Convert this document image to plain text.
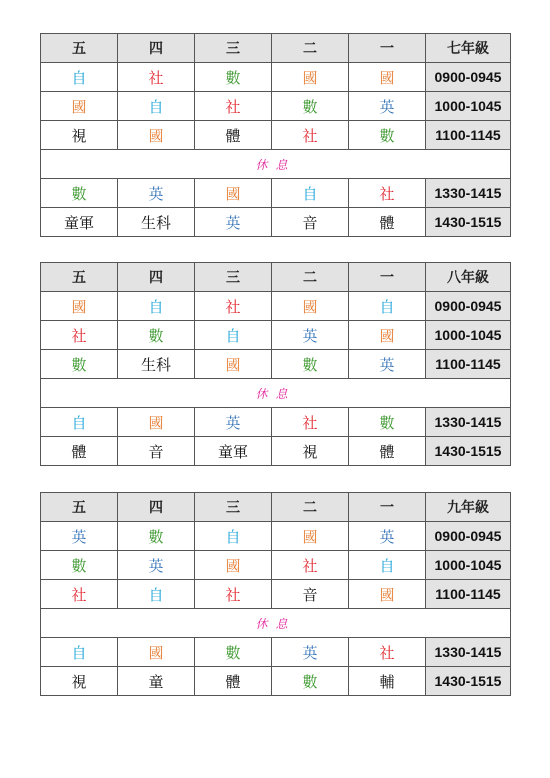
五	四	三	二	一	七年級
自	社	數	國	國	0900-0945
國	自	社	數	英	1000-1045
視	國	體	社	數	1100-1145
休息					
數	英	國	自	社	1330-1415
童軍	生科	英	音	體	1430-1515
五	四	三	二	一	八年級
國	自	社	國	自	0900-0945
社	數	自	英	國	1000-1045
數	生科	國	數	英	1100-1145
休息					
自	國	英	社	數	1330-1415
體	音	童軍	視	體	1430-1515
五	四	三	二	一	九年級
英	數	自	國	英	0900-0945
數	英	國	社	自	1000-1045
社	自	社	音	國	1100-1145
休息					
自	國	數	英	社	1330-1415
視	童	體	數	輔	1430-1515
